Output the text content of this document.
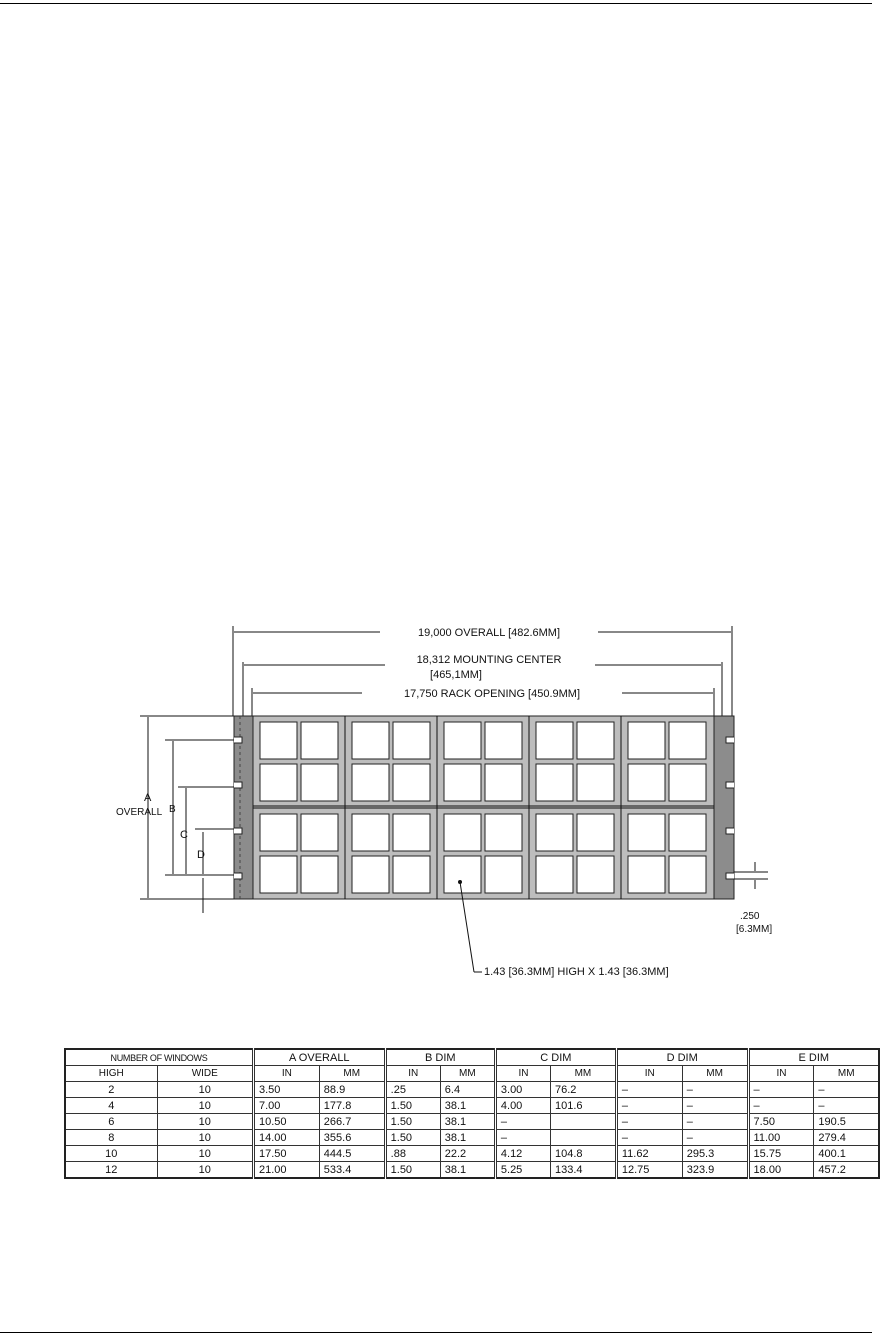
19,000 OVERALL [482.6MM]
18,312 MOUNTING CENTER
[465,1MM]
17,750 RACK OPENING [450.9MM]
A
OVERALL B
C
D
.250
[6.3MM]
1.43 [36.3MM] HIGH X 1.43 [36.3MM]
NUMBER OF WINDOWS		A OVERALL		B DIM		C DIM		D DIM		E DIM	
HIGH	WIDE	IN	MM	IN	MM	IN	MM	IN	MM	IN	MM
2	10	3.50	88.9	.25	6.4	3.00	76.2	–	–	–	–
4	10	7.00	177.8	1.50	38.1	4.00	101.6	–	–	–	–
6	10	10.50	266.7	1.50	38.1	–		–	–	7.50	190.5
8	10	14.00	355.6	1.50	38.1	–		–	–	11.00	279.4
10	10	17.50	444.5	.88	22.2	4.12	104.8	11.62	295.3	15.75	400.1
12	10	21.00	533.4	1.50	38.1	5.25	133.4	12.75	323.9	18.00	457.2
